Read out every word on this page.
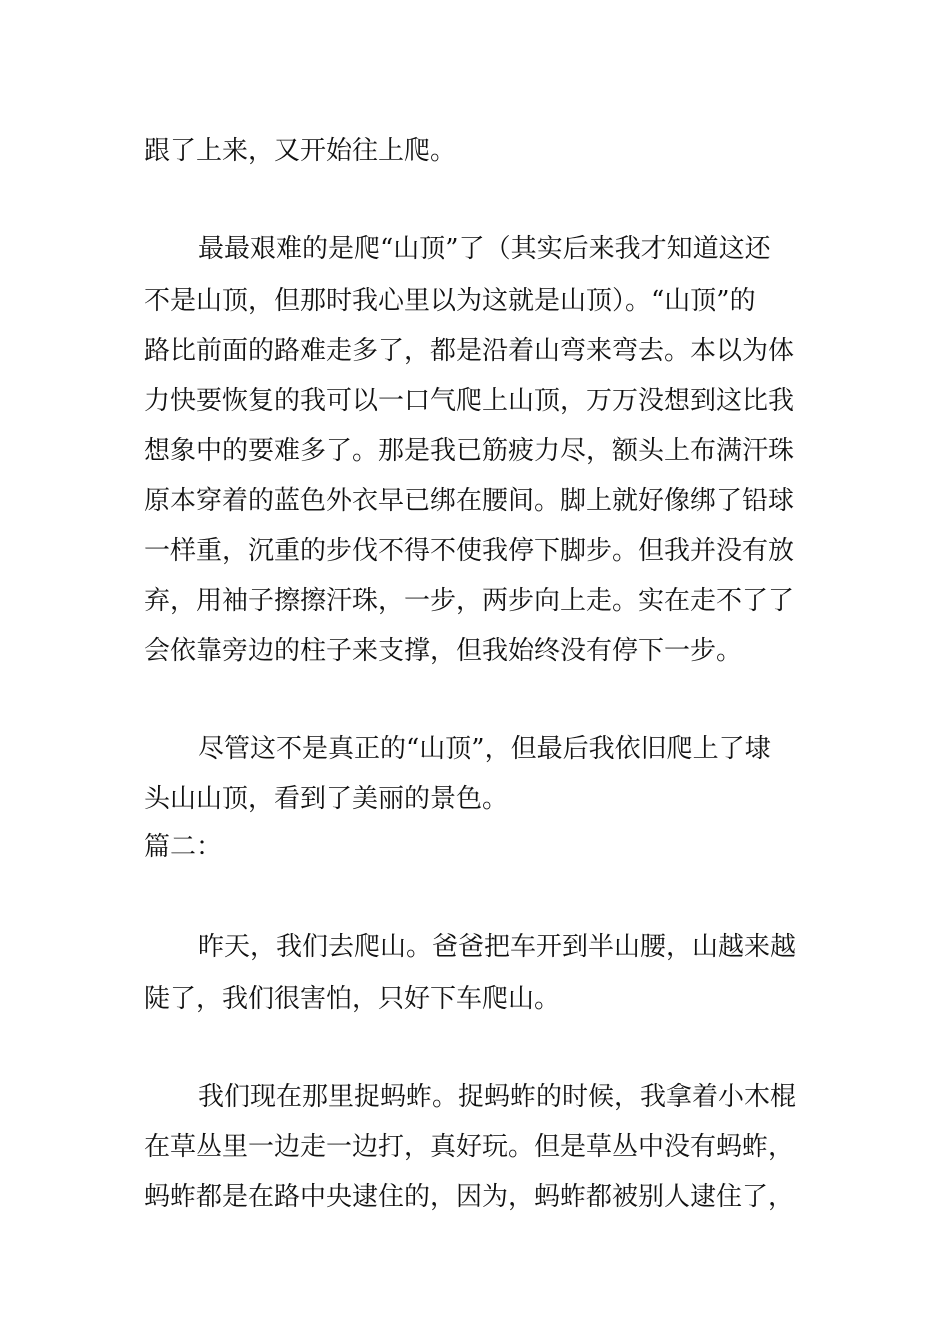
跟了上来，又开始往上爬。
最最艰难的是爬“山顶”了（其实后来我才知道这还
不是山顶，但那时我心里以为这就是山顶）。“山顶”的
路比前面的路难走多了，都是沿着山弯来弯去。本以为体
力快要恢复的我可以一口气爬上山顶，万万没想到这比我
想象中的要难多了。那是我已筋疲力尽，额头上布满汗珠
原本穿着的蓝色外衣早已绑在腰间。脚上就好像绑了铅球
一样重，沉重的步伐不得不使我停下脚步。但我并没有放
弃，用袖子擦擦汗珠，一步，两步向上走。实在走不了了
会依靠旁边的柱子来支撑，但我始终没有停下一步。
尽管这不是真正的“山顶”，但最后我依旧爬上了埭
头山山顶，看到了美丽的景色。
篇二：
昨天，我们去爬山。爸爸把车开到半山腰，山越来越
陡了，我们很害怕，只好下车爬山。
我们现在那里捉蚂蚱。捉蚂蚱的时候，我拿着小木棍
在草丛里一边走一边打，真好玩。但是草丛中没有蚂蚱，
蚂蚱都是在路中央逮住的，因为，蚂蚱都被别人逮住了，
